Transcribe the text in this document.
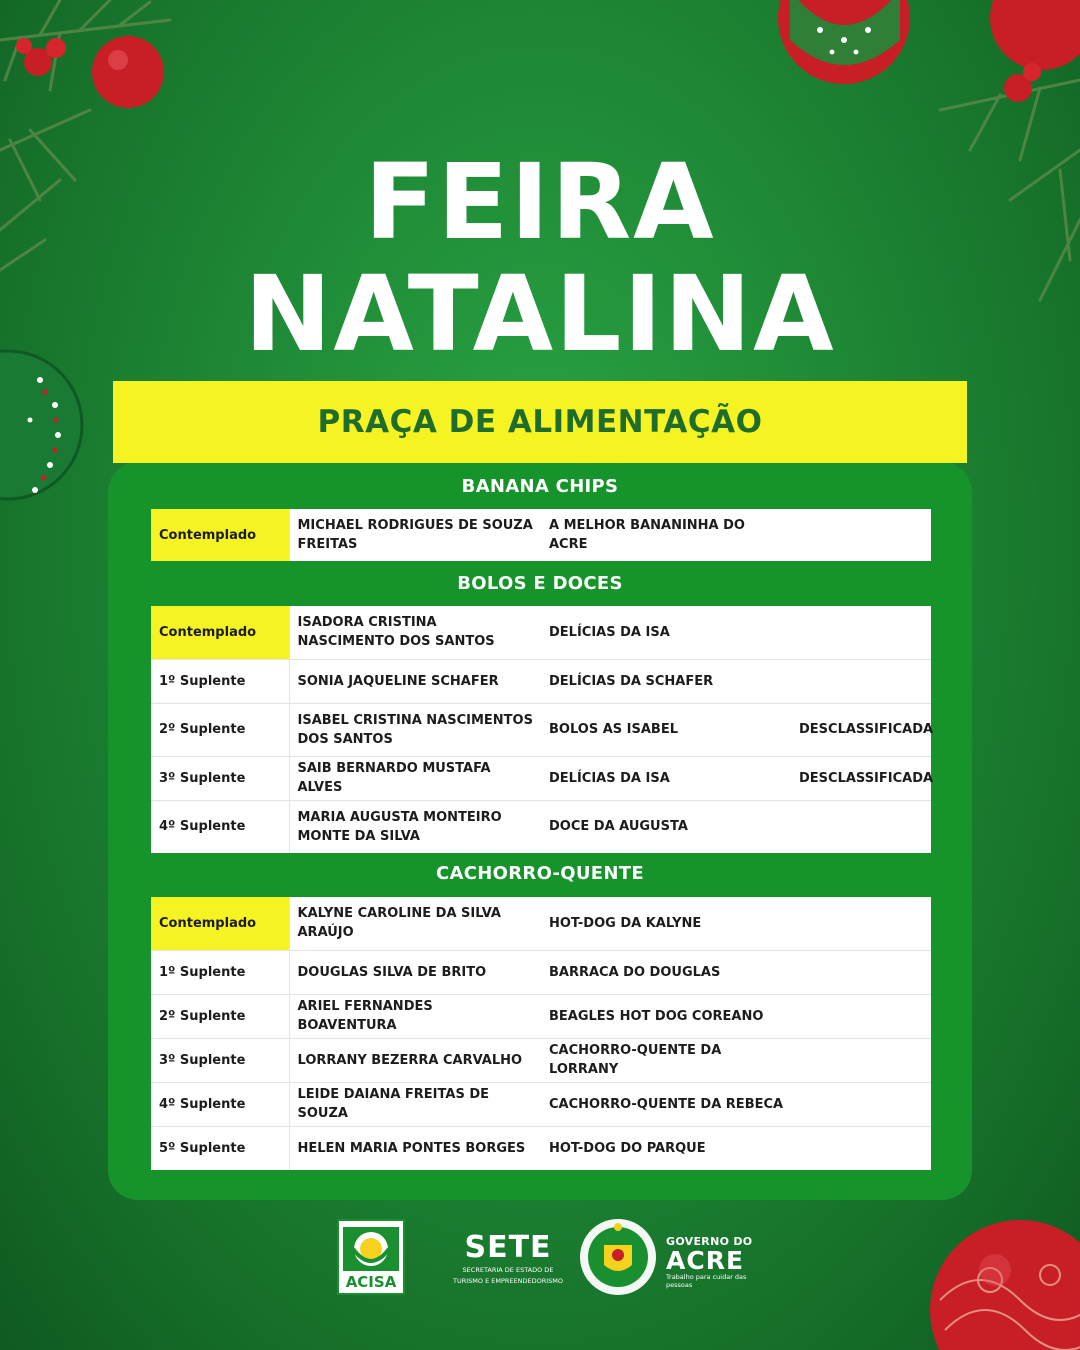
FEIRA
NATALINA
PRAÇA DE ALIMENTAÇÃO
BANANA CHIPS
Contemplado	MICHAEL RODRIGUES DE SOUZA FREITAS	A MELHOR BANANINHA DO ACRE	
BOLOS E DOCES
Contemplado	ISADORA CRISTINA NASCIMENTO DOS SANTOS	DELÍCIAS DA ISA	
1º Suplente	SONIA JAQUELINE SCHAFER	DELÍCIAS DA SCHAFER	
2º Suplente	ISABEL CRISTINA NASCIMENTOS DOS SANTOS	BOLOS AS ISABEL	DESCLASSIFICADA
3º Suplente	SAIB BERNARDO MUSTAFA ALVES	DELÍCIAS DA ISA	DESCLASSIFICADA
4º Suplente	MARIA AUGUSTA MONTEIRO MONTE DA SILVA	DOCE DA AUGUSTA	
CACHORRO-QUENTE
Contemplado	KALYNE CAROLINE DA SILVA ARAÚJO	HOT-DOG DA KALYNE	
1º Suplente	DOUGLAS SILVA DE BRITO	BARRACA DO DOUGLAS	
2º Suplente	ARIEL FERNANDES BOAVENTURA	BEAGLES HOT DOG COREANO	
3º Suplente	LORRANY BEZERRA CARVALHO	CACHORRO-QUENTE DA LORRANY	
4º Suplente	LEIDE DAIANA FREITAS DE SOUZA	CACHORRO-QUENTE DA REBECA	
5º Suplente	HELEN MARIA PONTES BORGES	HOT-DOG DO PARQUE	
ACISA
SETE
SECRETARIA DE ESTADO DE
TURISMO E EMPREENDEDORISMO
GOVERNO DO
ACRE
Trabalho para cuidar das pessoas
